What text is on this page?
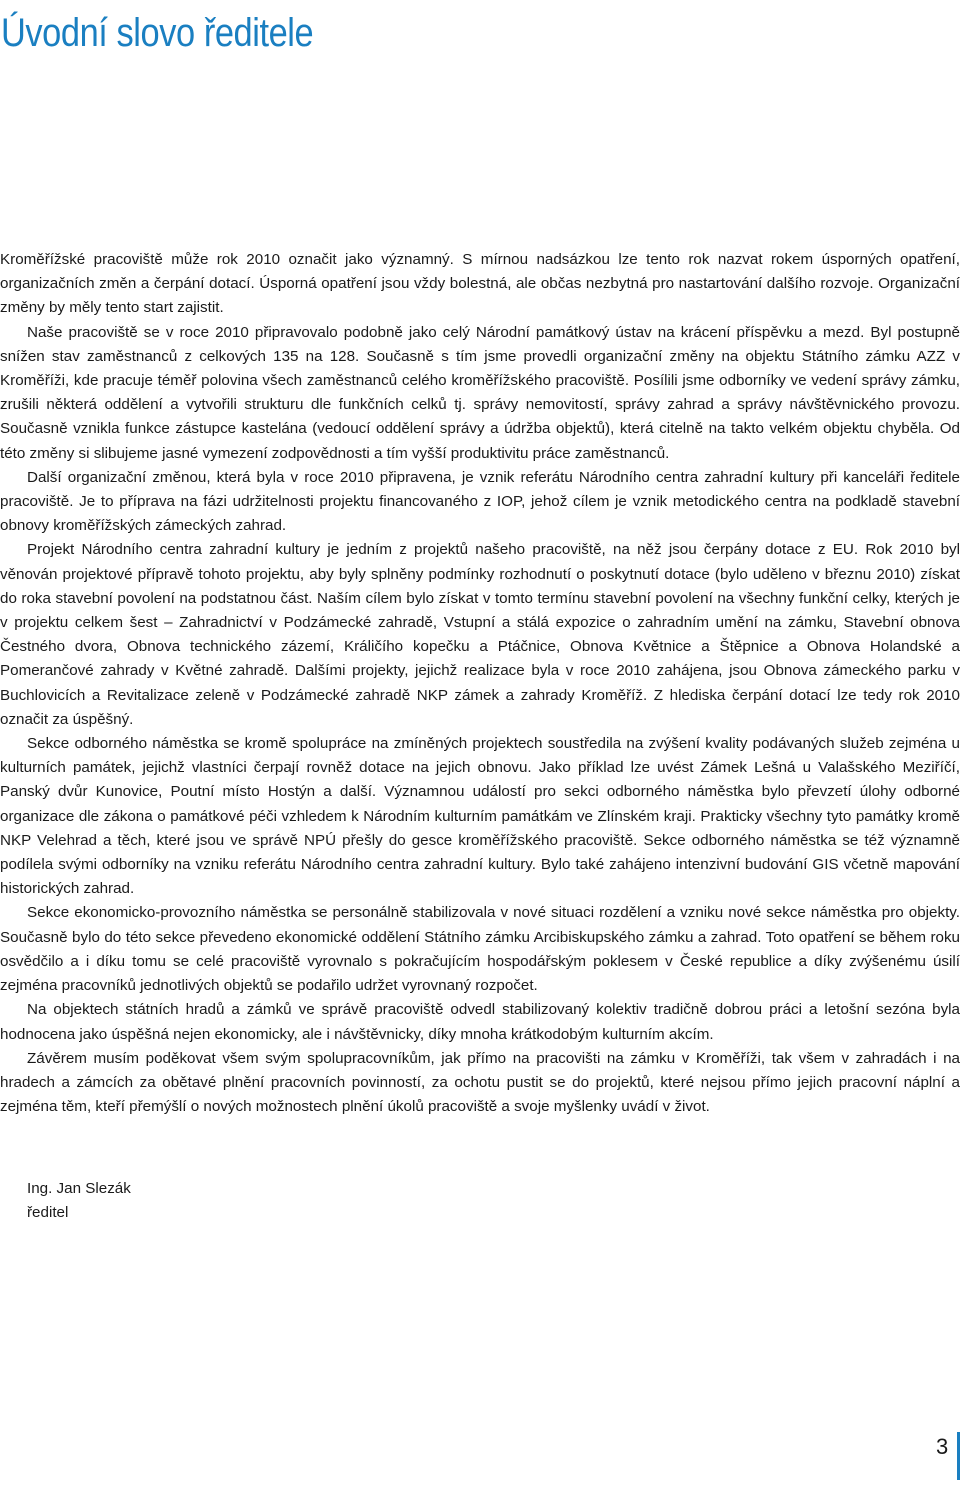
Úvodní slovo ředitele

Kroměřížské pracoviště může rok 2010 označit jako významný. S mírnou nadsázkou lze tento rok nazvat rokem úsporných opatření, organizačních změn a čerpání dotací. Úsporná opatření jsou vždy bolestná, ale občas nezbytná pro nastartování dalšího rozvoje. Organizační změny by měly tento start zajistit.

Naše pracoviště se v roce 2010 připravovalo podobně jako celý Národní památkový ústav na krácení příspěvku a mezd. Byl postupně snížen stav zaměstnanců z celkových 135 na 128. Současně s tím jsme provedli organizační změny na objektu Státního zámku AZZ v Kroměříži, kde pracuje téměř polovina všech zaměstnanců celého kroměřížského pracoviště. Posílili jsme odborníky ve vedení správy zámku, zrušili některá oddělení a vytvořili strukturu dle funkčních celků tj. správy nemovitostí, správy zahrad a správy návštěvnického provozu. Současně vznikla funkce zástupce kastelána (vedoucí oddělení správy a údržba objektů), která citelně na takto velkém objektu chyběla. Od této změny si slibujeme jasné vymezení zodpovědnosti a tím vyšší produktivitu práce zaměstnanců.

Další organizační změnou, která byla v roce 2010 připravena, je vznik referátu Národního centra zahradní kultury při kanceláři ředitele pracoviště. Je to příprava na fázi udržitelnosti projektu financovaného z IOP, jehož cílem je vznik metodického centra na podkladě stavební obnovy kroměřížských zámeckých zahrad.

Projekt Národního centra zahradní kultury je jedním z projektů našeho pracoviště, na něž jsou čerpány dotace z EU. Rok 2010 byl věnován projektové přípravě tohoto projektu, aby byly splněny podmínky rozhodnutí o poskytnutí dotace (bylo uděleno v březnu 2010) získat do roka stavební povolení na podstatnou část. Naším cílem bylo získat v tomto termínu stavební povolení na všechny funkční celky, kterých je v projektu celkem šest – Zahradnictví v Podzámecké zahradě, Vstupní a stálá expozice o zahradním umění na zámku, Stavební obnova Čestného dvora, Obnova technického zázemí, Králičího kopečku a Ptáčnice, Obnova Květnice a Štěpnice a Obnova Holandské a Pomerančové zahrady v Květné zahradě. Dalšími projekty, jejichž realizace byla v roce 2010 zahájena, jsou Obnova zámeckého parku v Buchlovicích a Revitalizace zeleně v Podzámecké zahradě NKP zámek a zahrady Kroměříž. Z hlediska čerpání dotací lze tedy rok 2010 označit za úspěšný.

Sekce odborného náměstka se kromě spolupráce na zmíněných projektech soustředila na zvýšení kvality podávaných služeb zejména u kulturních památek, jejichž vlastníci čerpají rovněž dotace na jejich obnovu. Jako příklad lze uvést Zámek Lešná u Valašského Meziříčí, Panský dvůr Kunovice, Poutní místo Hostýn a další. Významnou událostí pro sekci odborného náměstka bylo převzetí úlohy odborné organizace dle zákona o památkové péči vzhledem k Národním kulturním památkám ve Zlínském kraji. Prakticky všechny tyto památky kromě NKP Velehrad a těch, které jsou ve správě NPÚ přešly do gesce kroměřížského pracoviště. Sekce odborného náměstka se též významně podílela svými odborníky na vzniku referátu Národního centra zahradní kultury. Bylo také zahájeno intenzivní budování GIS včetně mapování historických zahrad.

Sekce ekonomicko-provozního náměstka se personálně stabilizovala v nové situaci rozdělení a vzniku nové sekce náměstka pro objekty. Současně bylo do této sekce převedeno ekonomické oddělení Státního zámku Arcibiskupského zámku a zahrad. Toto opatření se během roku osvědčilo a i díku tomu se celé pracoviště vyrovnalo s pokračujícím hospodářským poklesem v České republice a díky zvýšenému úsilí zejména pracovníků jednotlivých objektů se podařilo udržet vyrovnaný rozpočet.

Na objektech státních hradů a zámků ve správě pracoviště odvedl stabilizovaný kolektiv tradičně dobrou práci a letošní sezóna byla hodnocena jako úspěšná nejen ekonomicky, ale i návštěvnicky, díky mnoha krátkodobým kulturním akcím.

Závěrem musím poděkovat všem svým spolupracovníkům, jak přímo na pracovišti na zámku v Kroměříži, tak všem v zahradách i na hradech a zámcích za obětavé plnění pracovních povinností, za ochotu pustit se do projektů, které nejsou přímo jejich pracovní náplní a zejména těm, kteří přemýšlí o nových možnostech plnění úkolů pracoviště a svoje myšlenky uvádí v život.

Ing. Jan Slezák
ředitel
3
